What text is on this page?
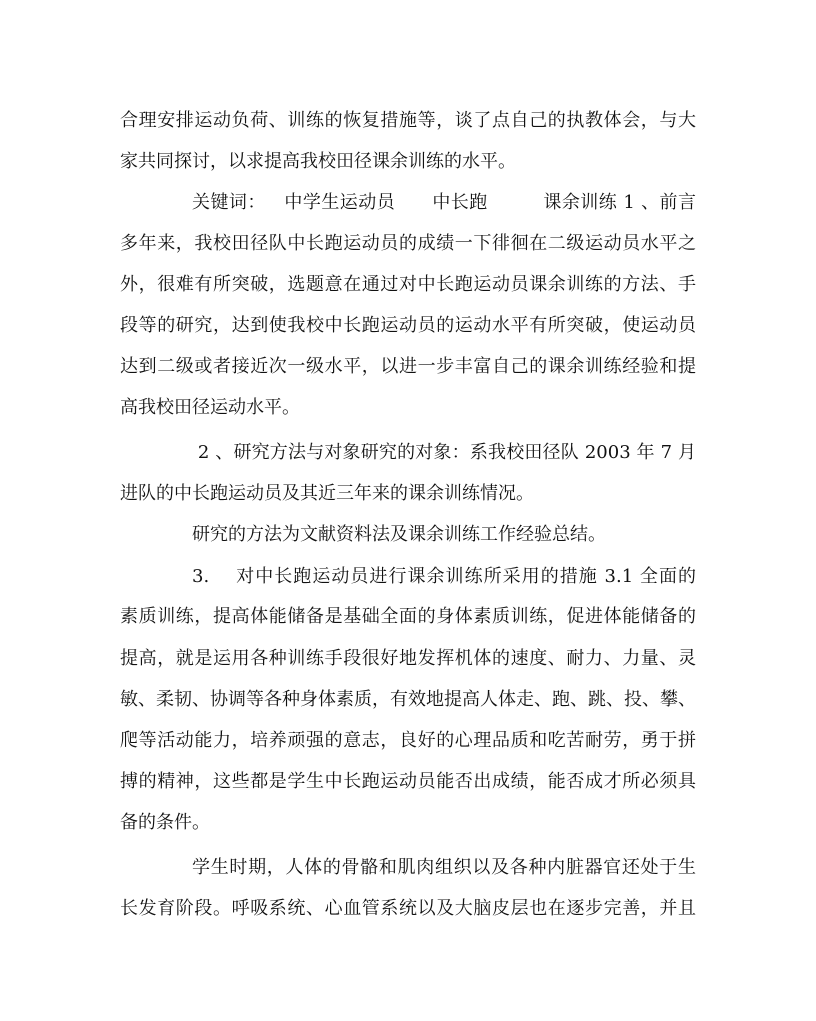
合理安排运动负荷、训练的恢复措施等，谈了点自己的执教体会，与大
家共同探讨，以求提高我校田径课余训练的水平。
关键词：   中学生运动员      中长跑         课余训练 1 、前言
多年来，我校田径队中长跑运动员的成绩一下徘徊在二级运动员水平之
外，很难有所突破，选题意在通过对中长跑运动员课余训练的方法、手
段等的研究，达到使我校中长跑运动员的运动水平有所突破，使运动员
达到二级或者接近次一级水平，以进一步丰富自己的课余训练经验和提
高我校田径运动水平。
2 、研究方法与对象研究的对象：系我校田径队 2003 年 7 月
进队的中长跑运动员及其近三年来的课余训练情况。
研究的方法为文献资料法及课余训练工作经验总结。
3.    对中长跑运动员进行课余训练所采用的措施 3.1 全面的
素质训练，提高体能储备是基础全面的身体素质训练，促进体能储备的
提高，就是运用各种训练手段很好地发挥机体的速度、耐力、力量、灵
敏、柔韧、协调等各种身体素质，有效地提高人体走、跑、跳、投、攀、
爬等活动能力，培养顽强的意志，良好的心理品质和吃苦耐劳，勇于拼
搏的精神，这些都是学生中长跑运动员能否出成绩，能否成才所必须具
备的条件。
学生时期，人体的骨骼和肌肉组织以及各种内脏器官还处于生
长发育阶段。呼吸系统、心血管系统以及大脑皮层也在逐步完善，并且
